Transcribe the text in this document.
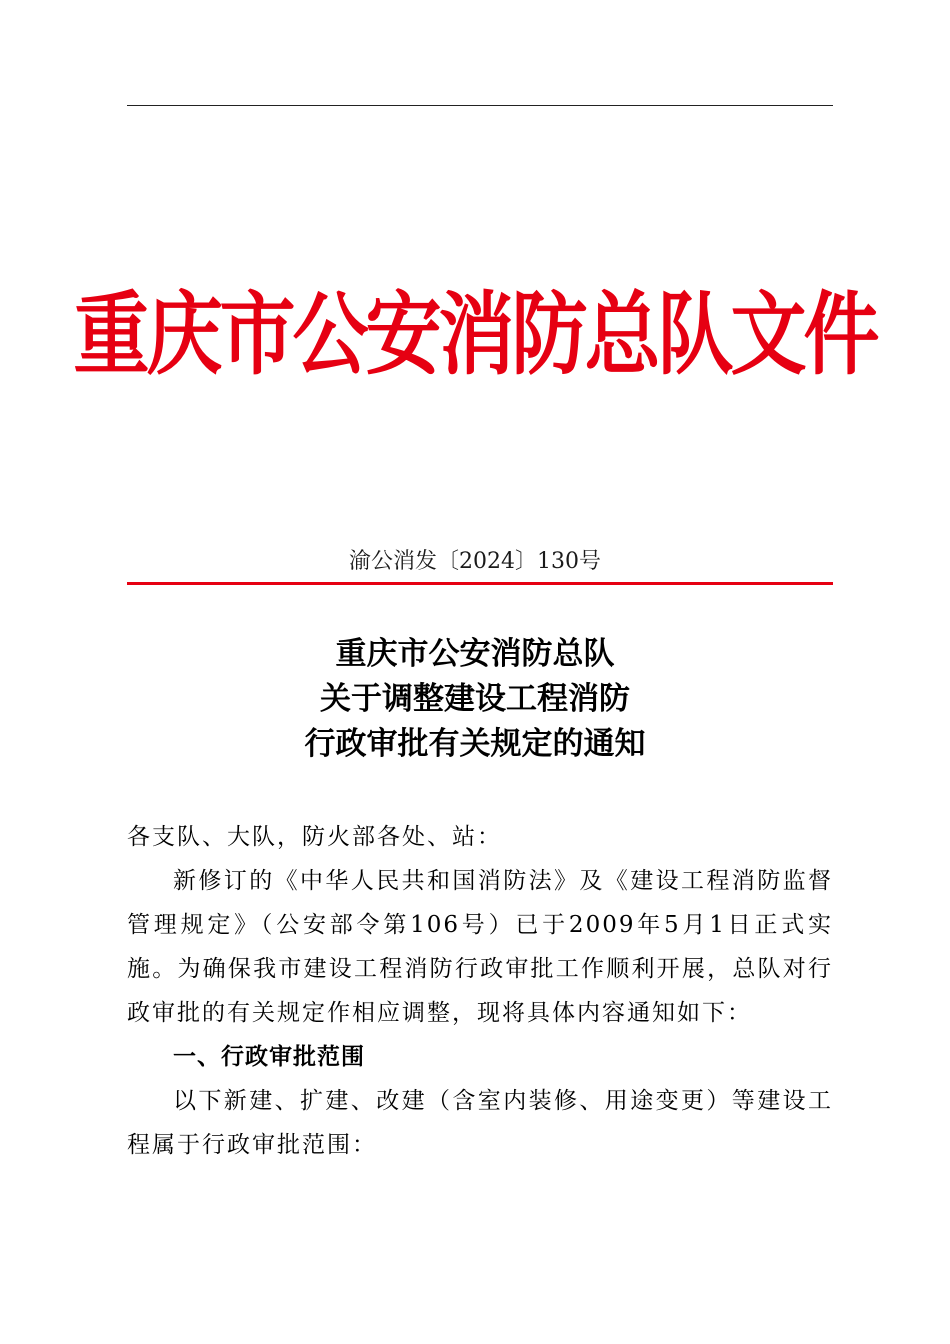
重庆市公安消防总队文件
渝公消发〔2024〕130号
重庆市公安消防总队
关于调整建设工程消防
行政审批有关规定的通知

各支队、大队，防火部各处、站：

新修订的《中华人民共和国消防法》及《建设工程消防监督管理规定》（公安部令第106号）已于2009年5月1日正式实施。为确保我市建设工程消防行政审批工作顺利开展，总队对行政审批的有关规定作相应调整，现将具体内容通知如下：

一、行政审批范围

以下新建、扩建、改建（含室内装修、用途变更）等建设工程属于行政审批范围：
